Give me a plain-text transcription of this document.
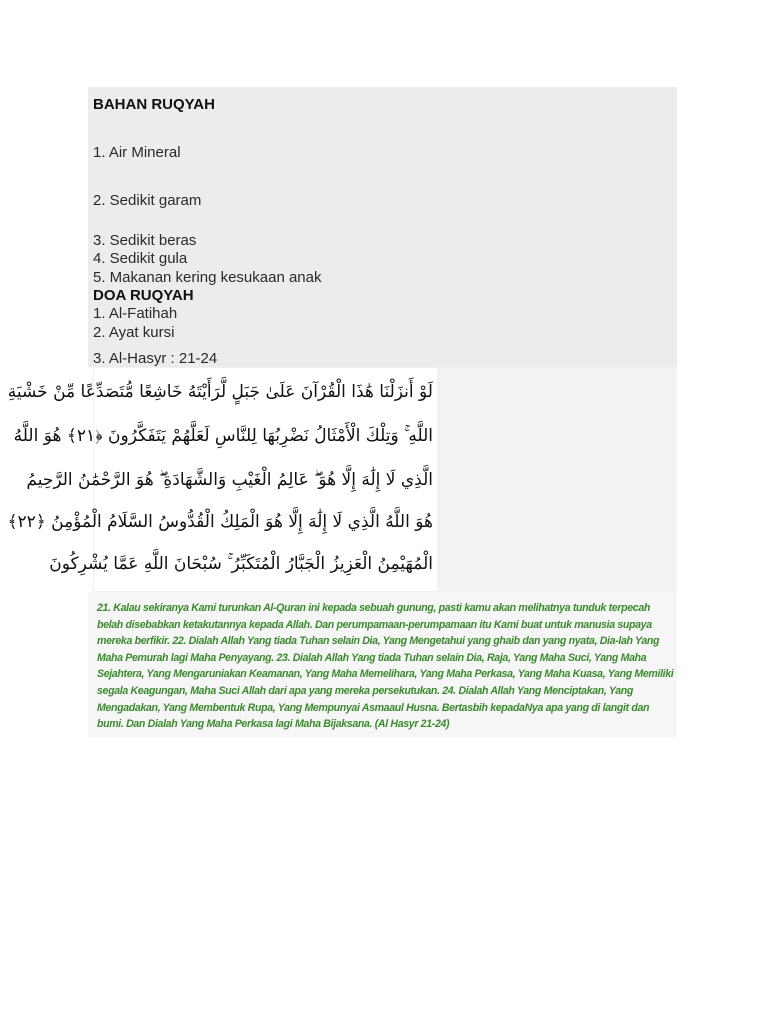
BAHAN RUQYAH
1. Air Mineral
2. Sedikit garam
3. Sedikit beras
4. Sedikit gula
5. Makanan kering kesukaan anak
DOA RUQYAH
1. Al-Fatihah
2. Ayat kursi
3. Al-Hasyr : 21-24
لَوْ أَنزَلْنَا هَٰذَا الْقُرْآنَ عَلَىٰ جَبَلٍ لَّرَأَيْتَهُ خَاشِعًا مُّتَصَدِّعًا مِّنْ خَشْيَةِ
اللَّهِ ۚ وَتِلْكَ الْأَمْثَالُ نَضْرِبُهَا لِلنَّاسِ لَعَلَّهُمْ يَتَفَكَّرُونَ ﴿٢١﴾ هُوَ اللَّهُ
الَّذِي لَا إِلَٰهَ إِلَّا هُوَ ۖ عَالِمُ الْغَيْبِ وَالشَّهَادَةِ ۖ هُوَ الرَّحْمَٰنُ الرَّحِيمُ
هُوَ اللَّهُ الَّذِي لَا إِلَٰهَ إِلَّا هُوَ الْمَلِكُ الْقُدُّوسُ السَّلَامُ الْمُؤْمِنُ ﴿٢٢﴾
الْمُهَيْمِنُ الْعَزِيزُ الْجَبَّارُ الْمُتَكَبِّرُ ۚ سُبْحَانَ اللَّهِ عَمَّا يُشْرِكُونَ
21. Kalau sekiranya Kami turunkan Al-Quran ini kepada sebuah gunung, pasti kamu akan melihatnya tunduk terpecah belah disebabkan ketakutannya kepada Allah. Dan perumpamaan-perumpamaan itu Kami buat untuk manusia supaya mereka berfikir. 22. Dialah Allah Yang tiada Tuhan selain Dia, Yang Mengetahui yang ghaib dan yang nyata, Dia-lah Yang Maha Pemurah lagi Maha Penyayang. 23. Dialah Allah Yang tiada Tuhan selain Dia, Raja, Yang Maha Suci, Yang Maha Sejahtera, Yang Mengaruniakan Keamanan, Yang Maha Memelihara, Yang Maha Perkasa, Yang Maha Kuasa, Yang Memiliki segala Keagungan, Maha Suci Allah dari apa yang mereka persekutukan. 24. Dialah Allah Yang Menciptakan, Yang Mengadakan, Yang Membentuk Rupa, Yang Mempunyai Asmaaul Husna. Bertasbih kepadaNya apa yang di langit dan bumi. Dan Dialah Yang Maha Perkasa lagi Maha Bijaksana. (Al Hasyr 21-24)
